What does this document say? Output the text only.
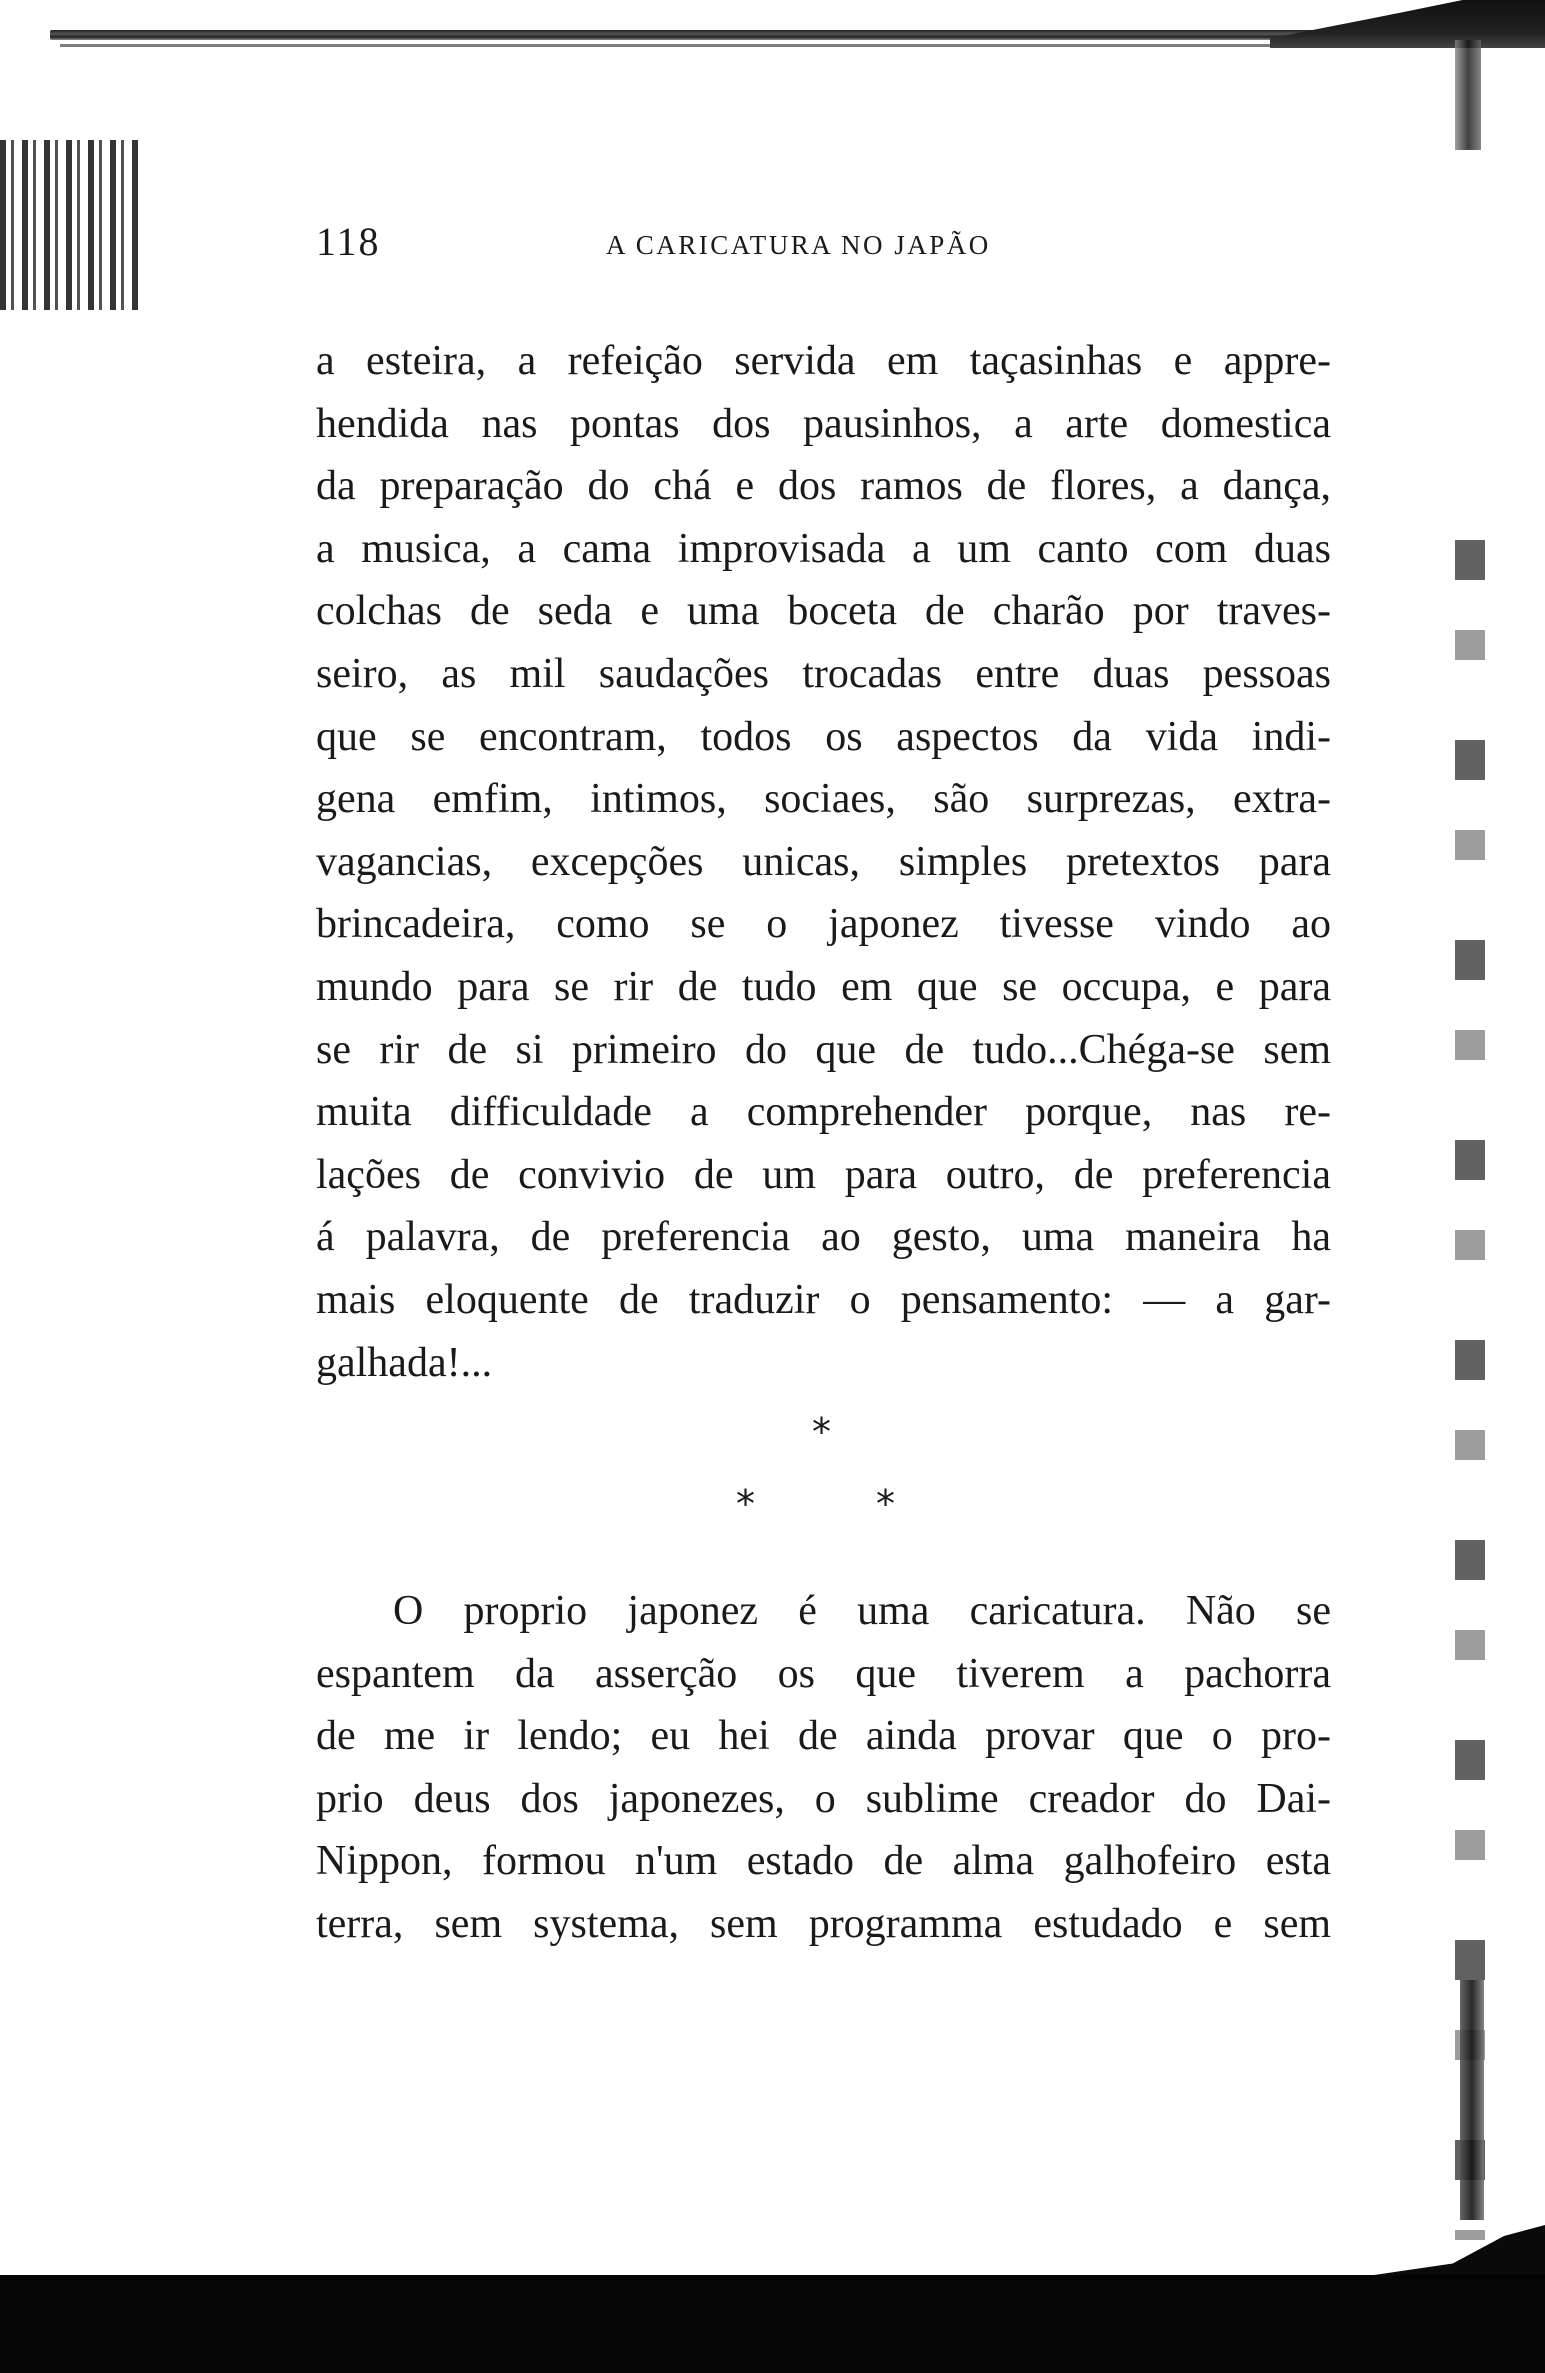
118	A CARICATURA NO JAPÃO
a esteira, a refeição servida em taçasinhas e appre-
hendida nas pontas dos pausinhos, a arte domestica
da preparação do chá e dos ramos de flores, a dança,
a musica, a cama improvisada a um canto com duas
colchas de seda e uma boceta de charão por traves-
seiro, as mil saudações trocadas entre duas pessoas
que se encontram, todos os aspectos da vida indi-
gena emfim, intimos, sociaes, são surprezas, extra-
vagancias, excepções unicas, simples pretextos para
brincadeira, como se o japonez tivesse vindo ao
mundo para se rir de tudo em que se occupa, e para
se rir de si primeiro do que de tudo...Chéga-se sem
muita difficuldade a comprehender porque, nas re-
lações de convivio de um para outro, de preferencia
á palavra, de preferencia ao gesto, uma maneira ha
mais eloquente de traduzir o pensamento: — a gar-
galhada!...
*
*	*
O proprio japonez é uma caricatura. Não se
espantem da asserção os que tiverem a pachorra
de me ir lendo; eu hei de ainda provar que o pro-
prio deus dos japonezes, o sublime creador do Dai-
Nippon, formou n'um estado de alma galhofeiro esta
terra, sem systema, sem programma estudado e sem
